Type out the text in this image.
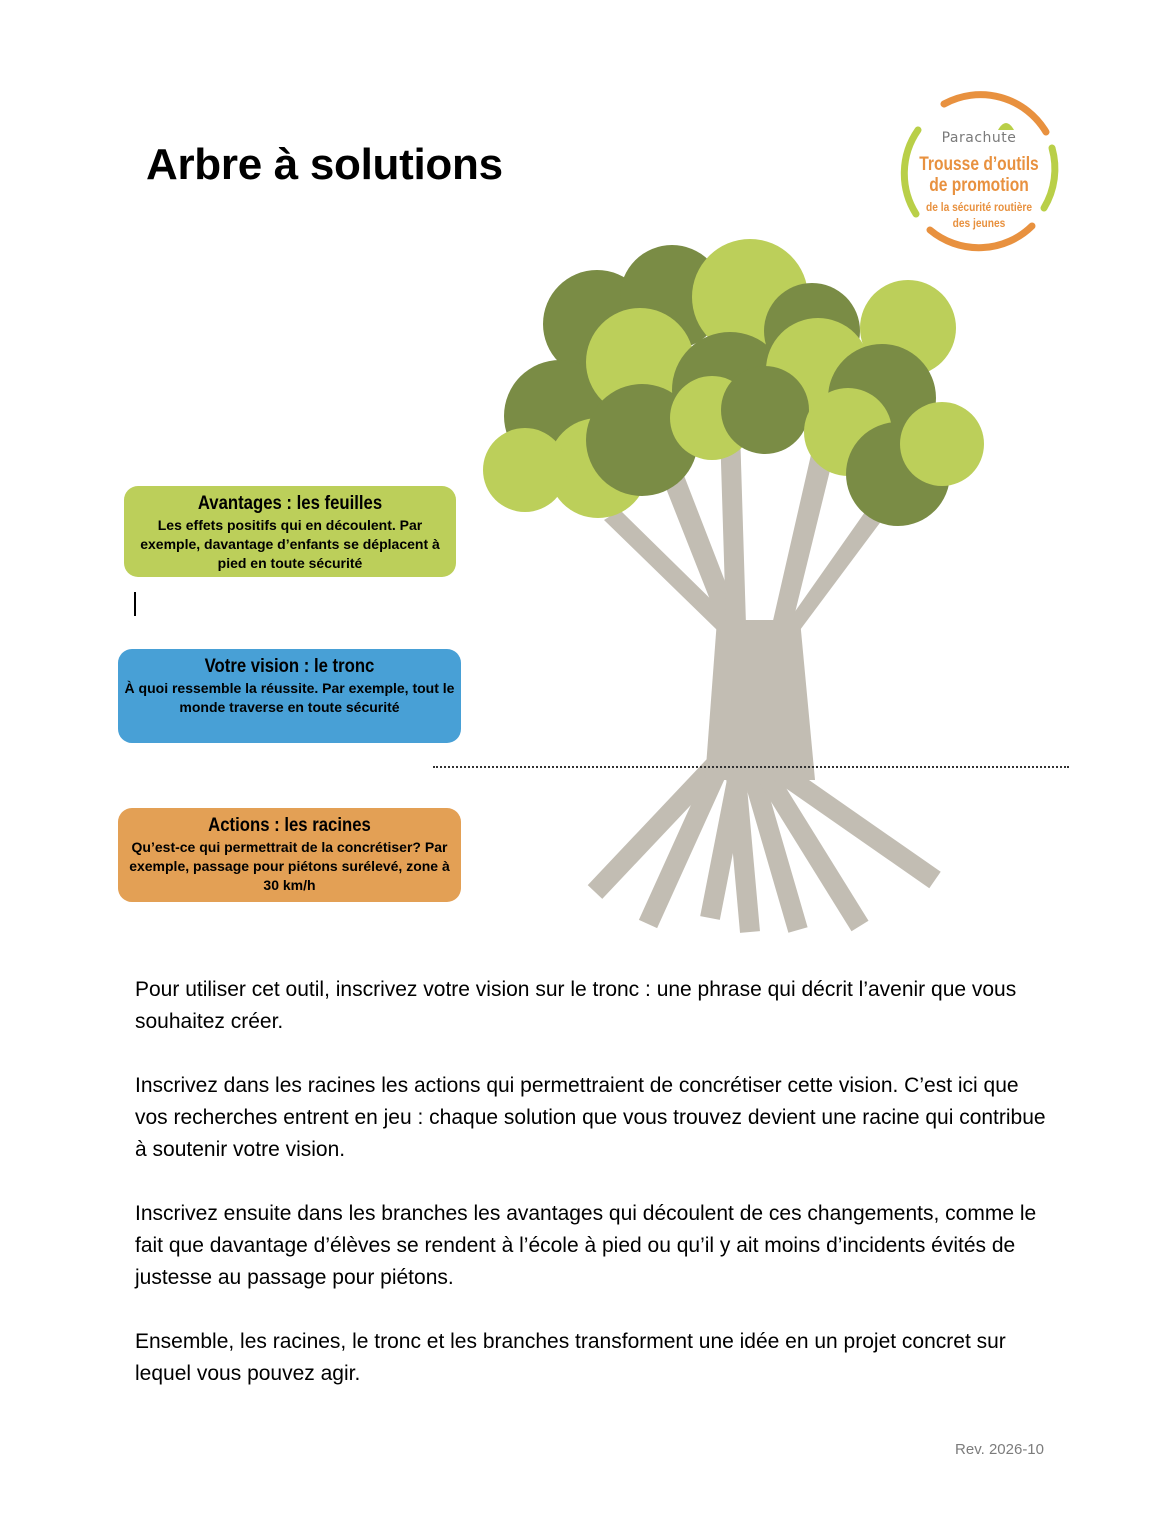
Arbre à solutions
Parachute
Trousse d’outils
de promotion
de la sécurité routière
des jeunes
Avantages : les feuilles
Les effets positifs qui en découlent. Par exemple, davantage d’enfants se déplacent à pied en toute sécurité
Votre vision : le tronc
À quoi ressemble la réussite. Par exemple, tout le monde traverse en toute sécurité
Actions : les racines
Qu’est-ce qui permettrait de la concrétiser? Par exemple, passage pour piétons surélevé, zone à 30 km/h

Pour utiliser cet outil, inscrivez votre vision sur le tronc : une phrase qui décrit l’avenir que vous souhaitez créer.

Inscrivez dans les racines les actions qui permettraient de concrétiser cette vision. C’est ici que vos recherches entrent en jeu : chaque solution que vous trouvez devient une racine qui contribue à soutenir votre vision.

Inscrivez ensuite dans les branches les avantages qui découlent de ces changements, comme le fait que davantage d’élèves se rendent à l’école à pied ou qu’il y ait moins d’incidents évités de justesse au passage pour piétons.

Ensemble, les racines, le tronc et les branches transforment une idée en un projet concret sur lequel vous pouvez agir.

Rev. 2026-10
